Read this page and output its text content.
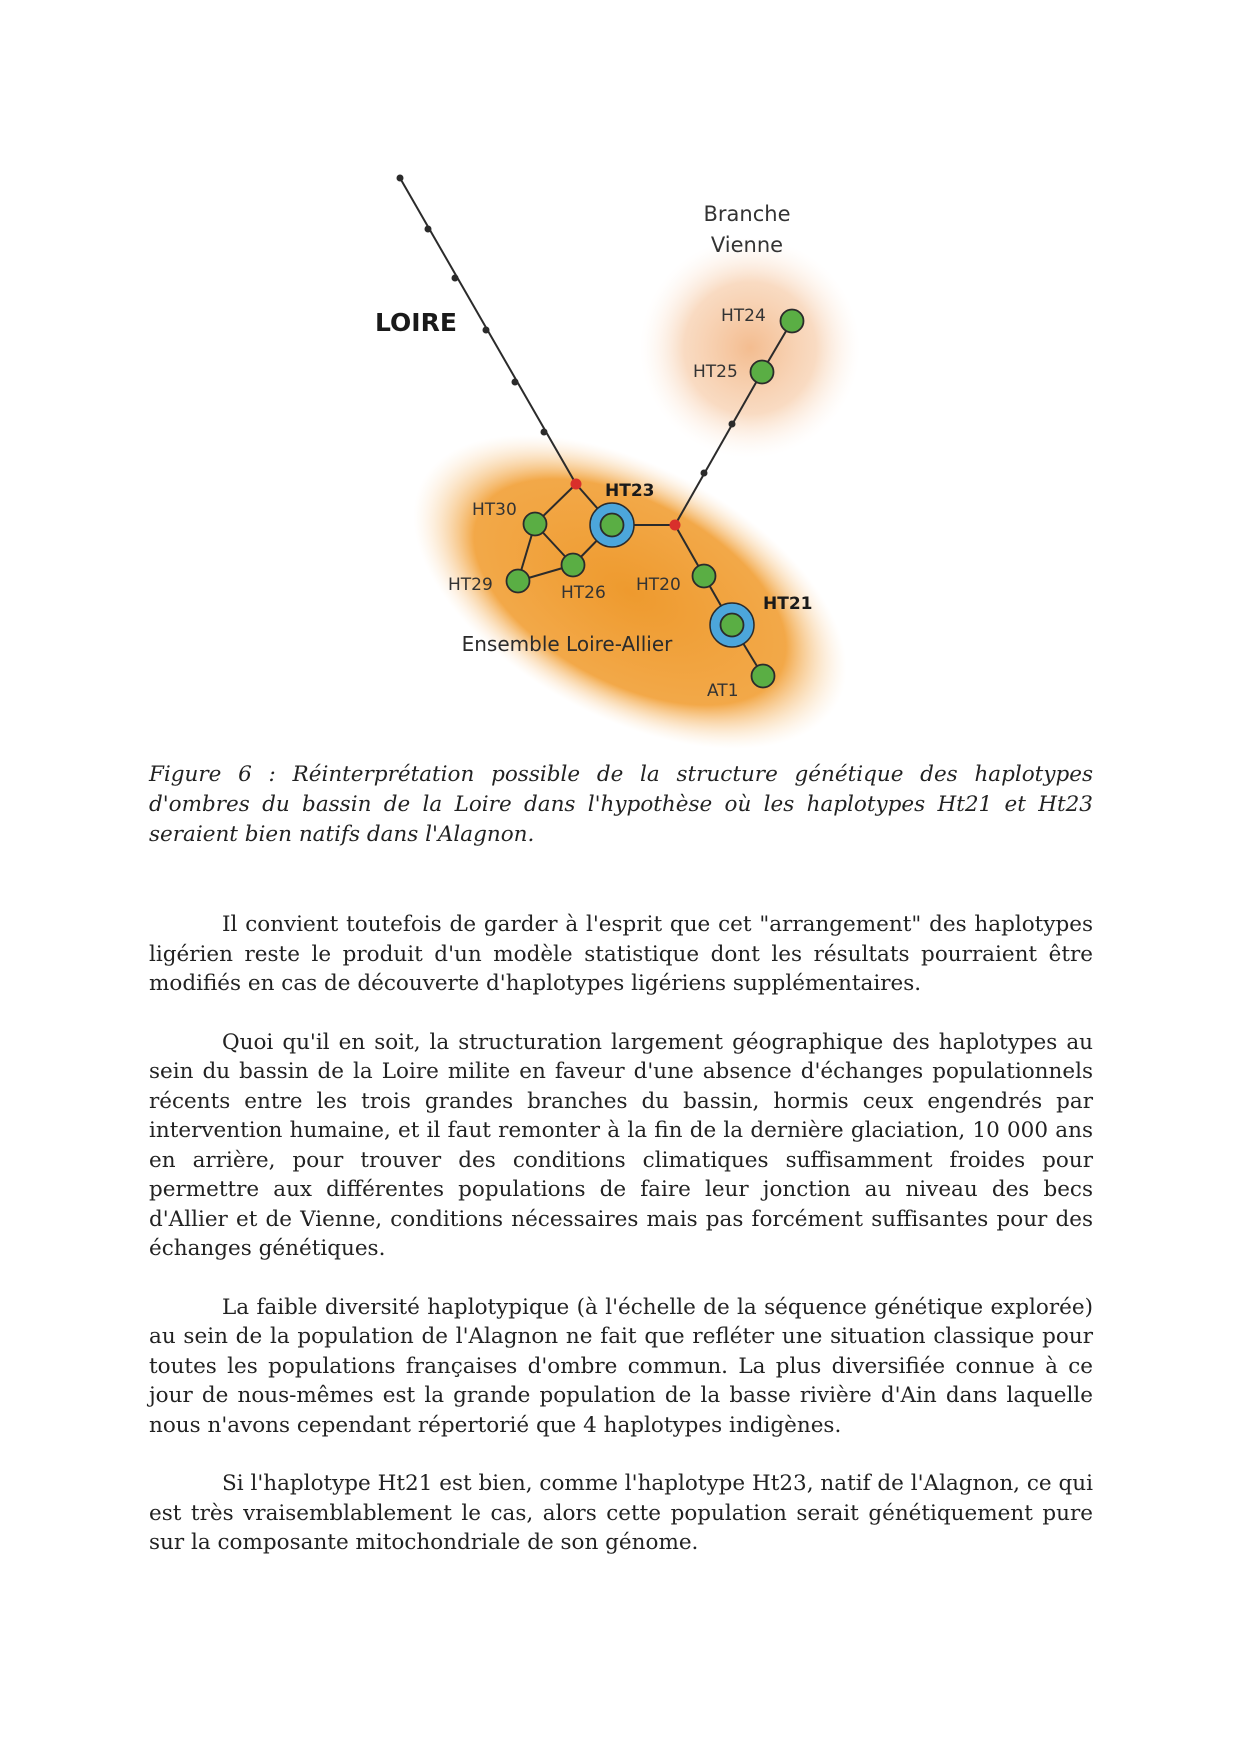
LOIRE
Branche
Vienne
Ensemble Loire-Allier
HT24
HT25
HT23
HT30
HT29	HT26 HT20
HT21
AT1

Figure 6 : Réinterprétation possible de la structure génétique des haplotypes d'ombres du bassin de la Loire dans l'hypothèse où les haplotypes Ht21 et Ht23 seraient bien natifs dans l'Alagnon.

Il convient toutefois de garder à l'esprit que cet "arrangement" des haplotypes ligérien reste le produit d'un modèle statistique dont les résultats pourraient être modifiés en cas de découverte d'haplotypes ligériens supplémentaires.

Quoi qu'il en soit, la structuration largement géographique des haplotypes au sein du bassin de la Loire milite en faveur d'une absence d'échanges populationnels récents entre les trois grandes branches du bassin, hormis ceux engendrés par intervention humaine, et il faut remonter à la fin de la dernière glaciation, 10 000 ans en arrière, pour trouver des conditions climatiques suffisamment froides pour permettre aux différentes populations de faire leur jonction au niveau des becs d'Allier et de Vienne, conditions nécessaires mais pas forcément suffisantes pour des échanges génétiques.

La faible diversité haplotypique (à l'échelle de la séquence génétique explorée) au sein de la population de l'Alagnon ne fait que refléter une situation classique pour toutes les populations françaises d'ombre commun. La plus diversifiée connue à ce jour de nous-mêmes est la grande population de la basse rivière d'Ain dans laquelle nous n'avons cependant répertorié que 4 haplotypes indigènes.

Si l'haplotype Ht21 est bien, comme l'haplotype Ht23, natif de l'Alagnon, ce qui est très vraisemblablement le cas, alors cette population serait génétiquement pure sur la composante mitochondriale de son génome.
